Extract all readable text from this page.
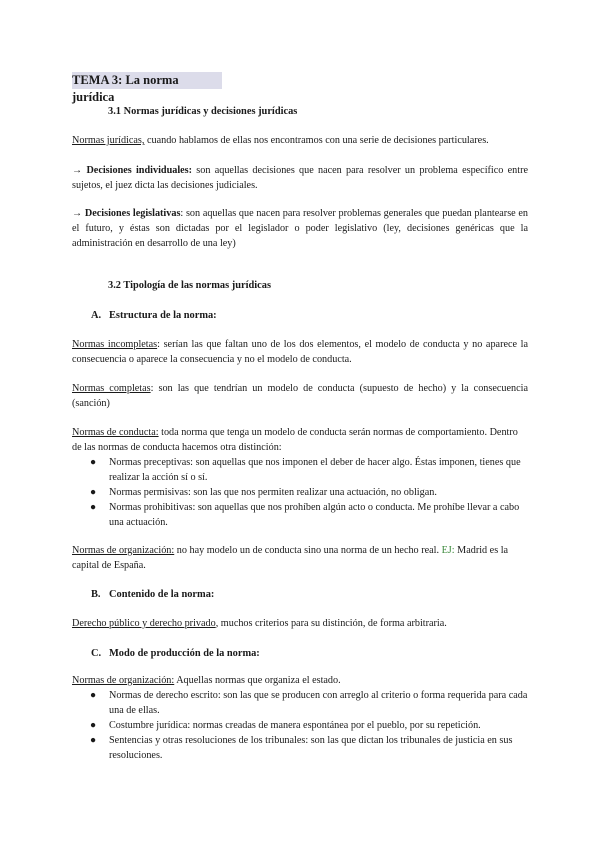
TEMA 3: La norma jurídica
3.1 Normas jurídicas y decisiones jurídicas
Normas jurídicas, cuando hablamos de ellas nos encontramos con una serie de decisiones particulares.
→ Decisiones individuales: son aquellas decisiones que nacen para resolver un problema específico entre sujetos, el juez dicta las decisiones judiciales.
→ Decisiones legislativas: son aquellas que nacen para resolver problemas generales que puedan plantearse en el futuro, y éstas son dictadas por el legislador o poder legislativo (ley, decisiones genéricas que la administración en desarrollo de una ley)
3.2 Tipología de las normas jurídicas
A. Estructura de la norma:
Normas incompletas: serían las que faltan uno de los dos elementos, el modelo de conducta y no aparece la consecuencia o aparece la consecuencia y no el modelo de conducta.
Normas completas: son las que tendrían un modelo de conducta (supuesto de hecho) y la consecuencia (sanción)
Normas de conducta: toda norma que tenga un modelo de conducta serán normas de comportamiento. Dentro de las normas de conducta hacemos otra distinción:
● Normas preceptivas: son aquellas que nos imponen el deber de hacer algo. Éstas imponen, tienes que realizar la acción sí o sí.
● Normas permisivas: son las que nos permiten realizar una actuación, no obligan.
● Normas prohibitivas: son aquellas que nos prohíben algún acto o conducta. Me prohíbe llevar a cabo una actuación.
Normas de organización: no hay modelo un de conducta sino una norma de un hecho real. EJ: Madrid es la capital de España.
B. Contenido de la norma:
Derecho público y derecho privado, muchos criterios para su distinción, de forma arbitraria.
C. Modo de producción de la norma:
Normas de organización: Aquellas normas que organiza el estado.
● Normas de derecho escrito: son las que se producen con arreglo al criterio o forma requerida para cada una de ellas.
● Costumbre jurídica: normas creadas de manera espontánea por el pueblo, por su repetición.
● Sentencias y otras resoluciones de los tribunales: son las que dictan los tribunales de justicia en sus resoluciones.
